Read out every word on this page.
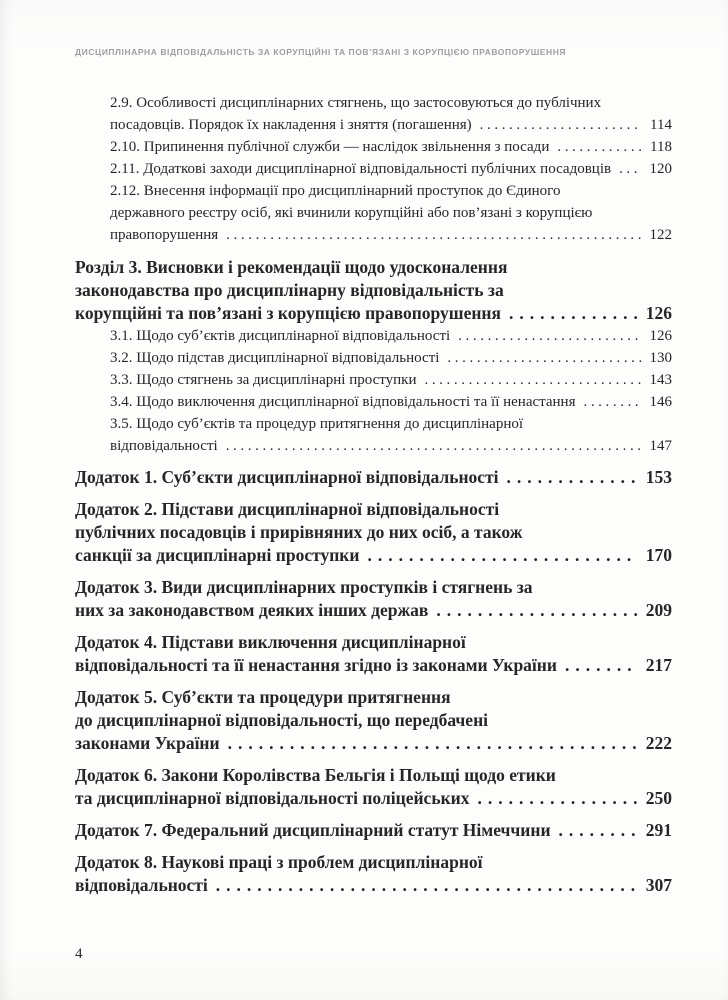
ДИСЦИПЛІНАРНА ВІДПОВІДАЛЬНІСТЬ ЗА КОРУПЦІЙНІ ТА ПОВ’ЯЗАНІ З КОРУПЦІЄЮ ПРАВОПОРУШЕННЯ
2.9. Особливості дисциплінарних стягнень, що застосовуються до публічних
посадовців. Порядок їх накладення і зняття (погашення) .....	114
2.10. Припинення публічної служби — наслідок звільнення з посади .....	118
2.11. Додаткові заходи дисциплінарної відповідальності публічних посадовців .....	120
2.12. Внесення інформації про дисциплінарний проступок до Єдиного
державного реєстру осіб, які вчинили корупційні або пов’язані з корупцією
правопорушення .....	122
Розділ 3. Висновки і рекомендації щодо удосконалення
законодавства про дисциплінарну відповідальність за
корупційні та пов’язані з корупцією правопорушення .....	126
3.1. Щодо суб’єктів дисциплінарної відповідальності .....	126
3.2. Щодо підстав дисциплінарної відповідальності .....	130
3.3. Щодо стягнень за дисциплінарні проступки .....	143
3.4. Щодо виключення дисциплінарної відповідальності та її ненастання .....	146
3.5. Щодо суб’єктів та процедур притягнення до дисциплінарної
відповідальності .....	147
Додаток 1. Суб’єкти дисциплінарної відповідальності .....	153
Додаток 2. Підстави дисциплінарної відповідальності
публічних посадовців і прирівняних до них осіб, а також
санкції за дисциплінарні проступки .....	170
Додаток 3. Види дисциплінарних проступків і стягнень за
них за законодавством деяких інших держав .....	209
Додаток 4. Підстави виключення дисциплінарної
відповідальності та її ненастання згідно із законами України .....	217
Додаток 5. Суб’єкти та процедури притягнення
до дисциплінарної відповідальності, що передбачені
законами України .....	222
Додаток 6. Закони Королівства Бельгія і Польщі щодо етики
та дисциплінарної відповідальності поліцейських .....	250
Додаток 7. Федеральний дисциплінарний статут Німеччини .....	291
Додаток 8. Наукові праці з проблем дисциплінарної
відповідальності .....	307
4
